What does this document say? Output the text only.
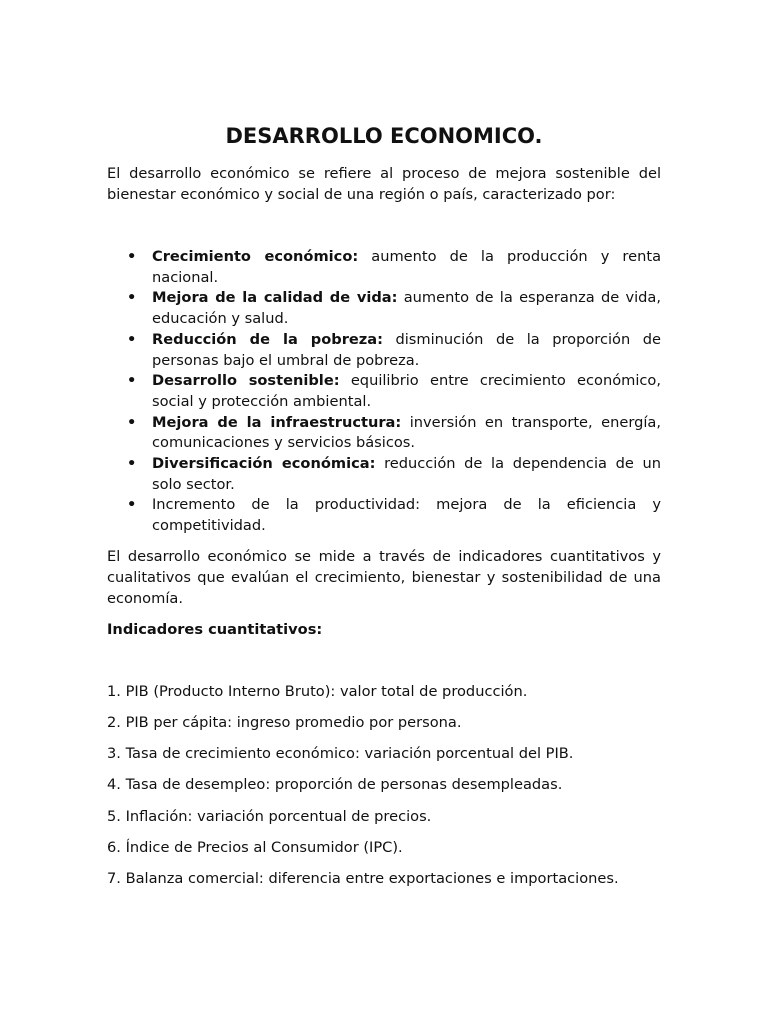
DESARROLLO ECONOMICO.

El desarrollo económico se refiere al proceso de mejora sostenible del bienestar económico y social de una región o país, caracterizado por:

• Crecimiento económico: aumento de la producción y renta nacional.
• Mejora de la calidad de vida: aumento de la esperanza de vida, educación y salud.
• Reducción de la pobreza: disminución de la proporción de personas bajo el umbral de pobreza.
• Desarrollo sostenible: equilibrio entre crecimiento económico, social y protección ambiental.
• Mejora de la infraestructura: inversión en transporte, energía, comunicaciones y servicios básicos.
• Diversificación económica: reducción de la dependencia de un solo sector.
• Incremento de la productividad: mejora de la eficiencia y competitividad.

El desarrollo económico se mide a través de indicadores cuantitativos y cualitativos que evalúan el crecimiento, bienestar y sostenibilidad de una economía.

Indicadores cuantitativos:

1. PIB (Producto Interno Bruto): valor total de producción.
2. PIB per cápita: ingreso promedio por persona.
3. Tasa de crecimiento económico: variación porcentual del PIB.
4. Tasa de desempleo: proporción de personas desempleadas.
5. Inflación: variación porcentual de precios.
6. Índice de Precios al Consumidor (IPC).
7. Balanza comercial: diferencia entre exportaciones e importaciones.
